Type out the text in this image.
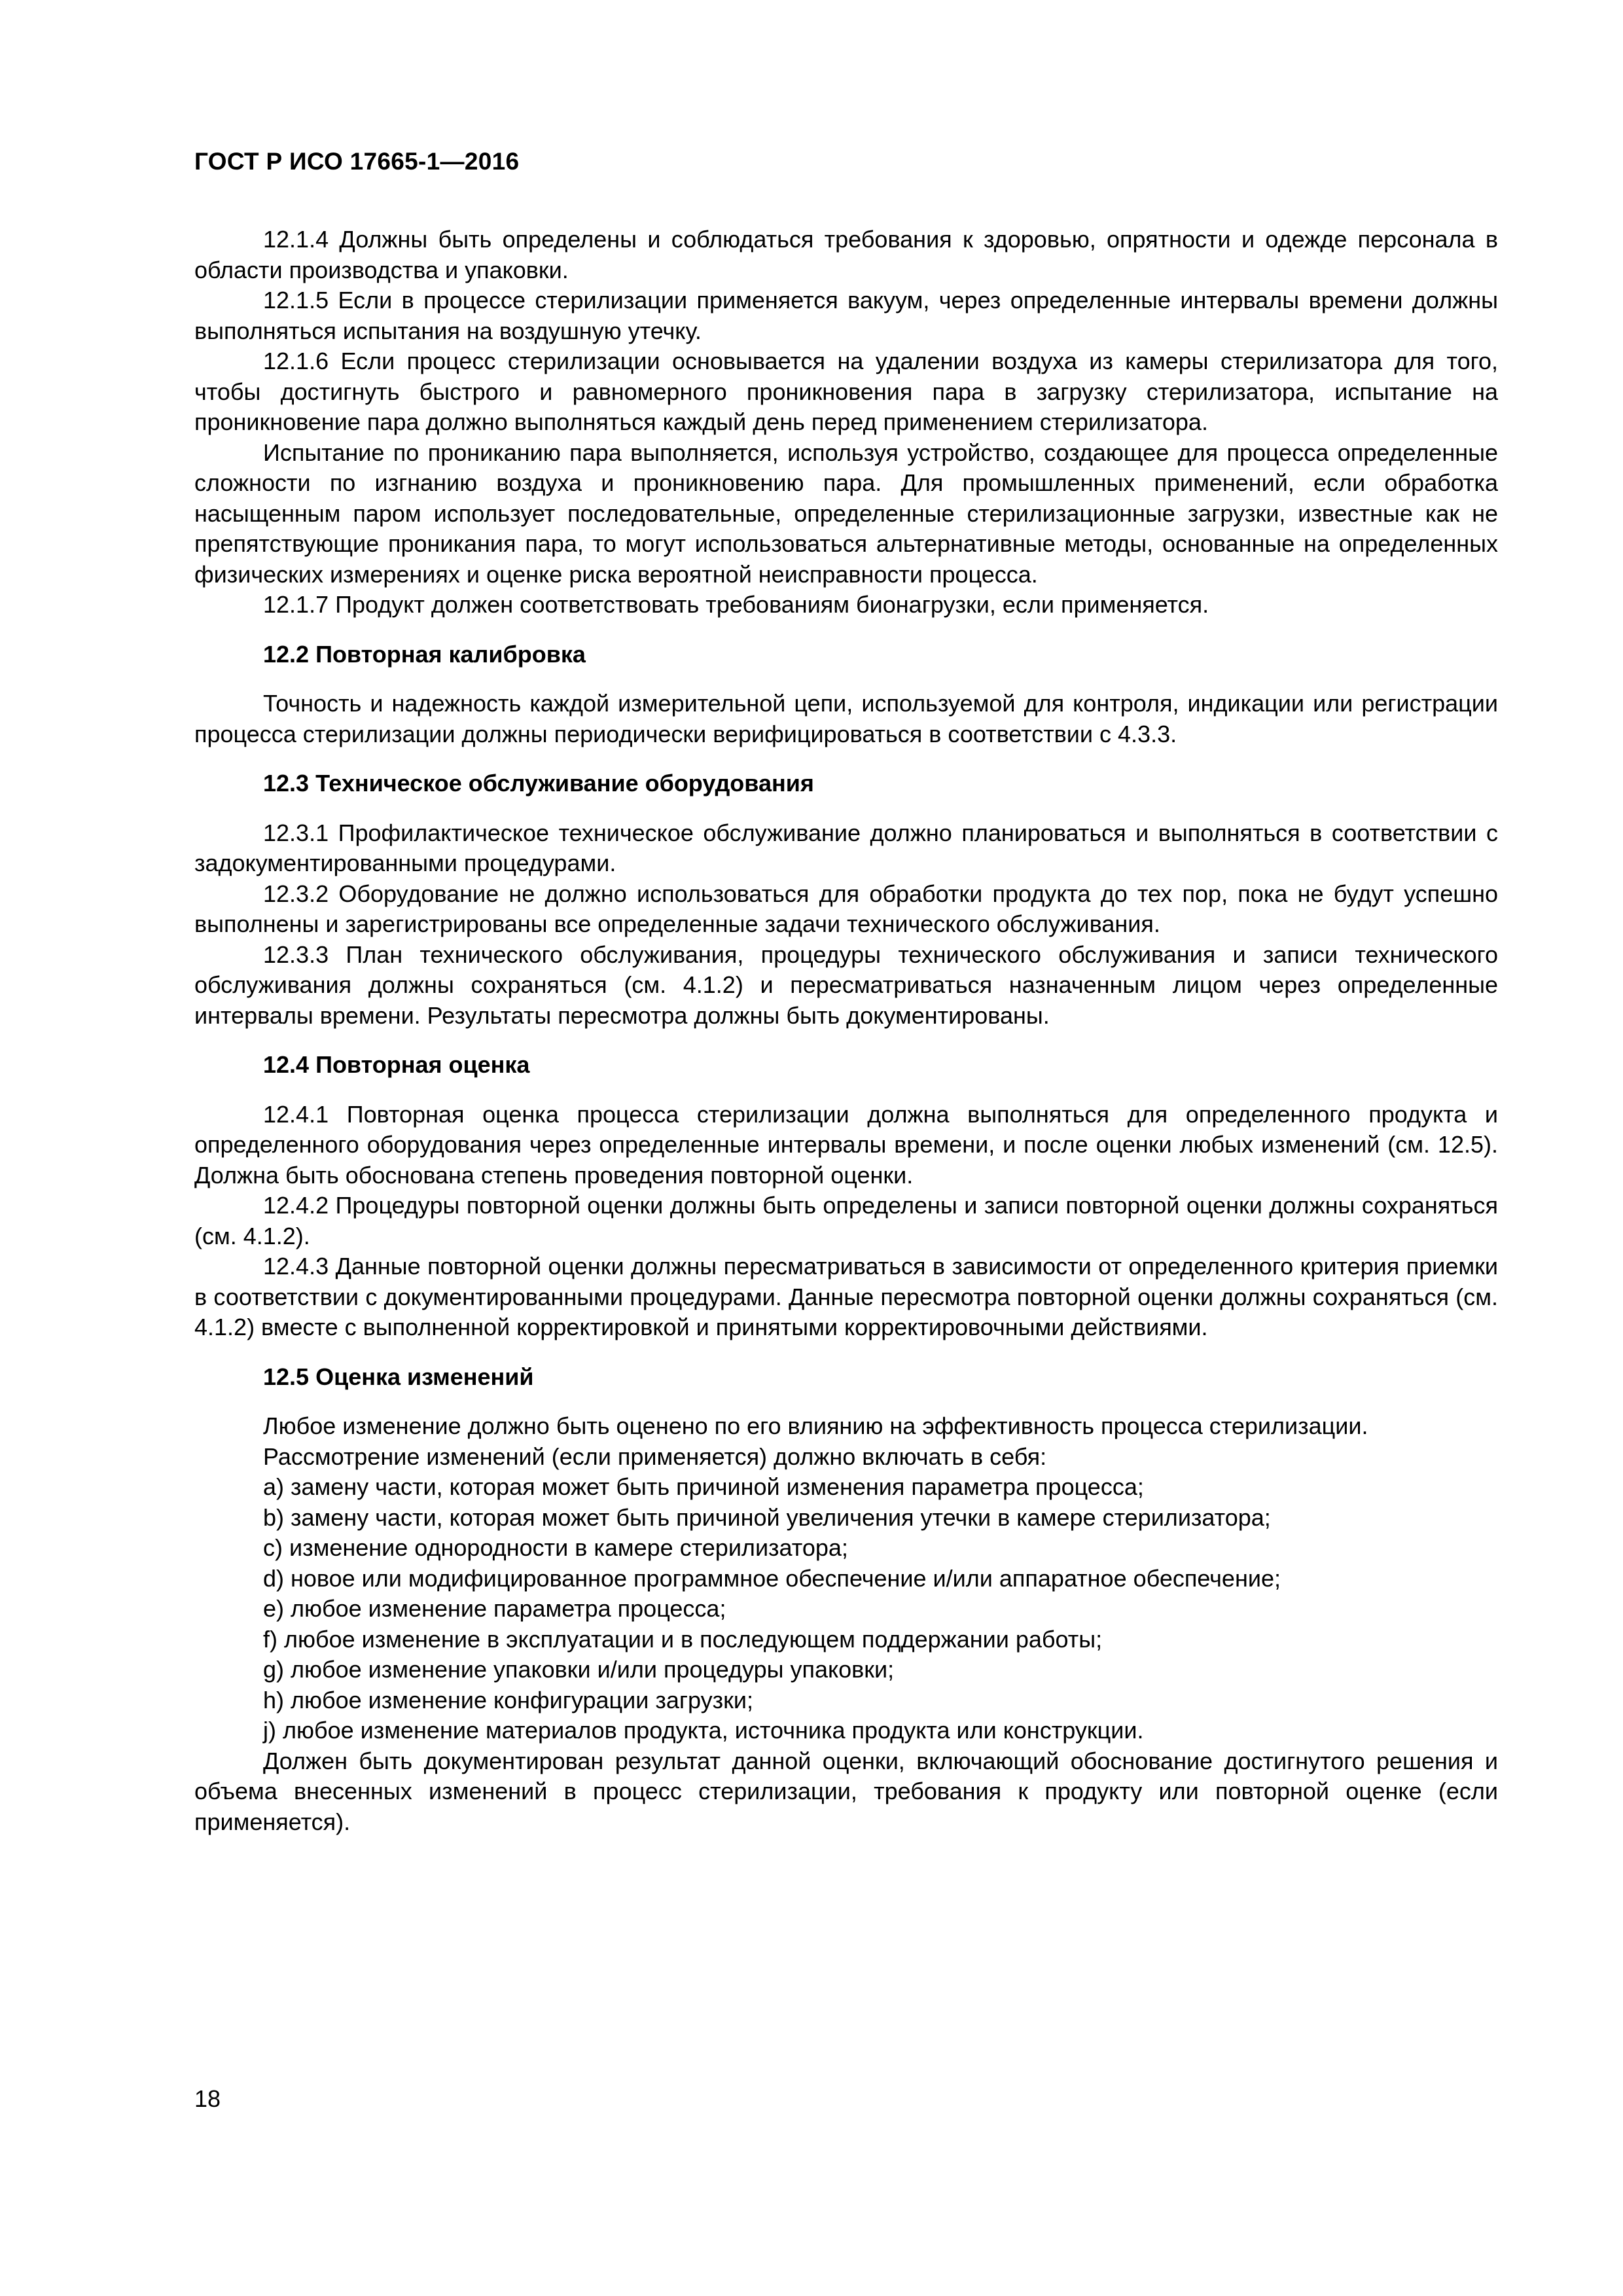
ГОСТ Р ИСО 17665-1—2016

12.1.4 Должны быть определены и соблюдаться требования к здоровью, опрятности и одежде персонала в области производства и упаковки.

12.1.5 Если в процессе стерилизации применяется вакуум, через определенные интервалы времени должны выполняться испытания на воздушную утечку.

12.1.6 Если процесс стерилизации основывается на удалении воздуха из камеры стерилизатора для того, чтобы достигнуть быстрого и равномерного проникновения пара в загрузку стерилизатора, испытание на проникновение пара должно выполняться каждый день перед применением стерилизатора.

Испытание по прониканию пара выполняется, используя устройство, создающее для процесса определенные сложности по изгнанию воздуха и проникновению пара. Для промышленных применений, если обработка насыщенным паром использует последовательные, определенные стерилизационные загрузки, известные как не препятствующие проникания пара, то могут использоваться альтернативные методы, основанные на определенных физических измерениях и оценке риска вероятной неисправности процесса.

12.1.7 Продукт должен соответствовать требованиям бионагрузки, если применяется.

12.2 Повторная калибровка

Точность и надежность каждой измерительной цепи, используемой для контроля, индикации или регистрации процесса стерилизации должны периодически верифицироваться в соответствии с 4.3.3.

12.3 Техническое обслуживание оборудования

12.3.1 Профилактическое техническое обслуживание должно планироваться и выполняться в соответствии с задокументированными процедурами.

12.3.2 Оборудование не должно использоваться для обработки продукта до тех пор, пока не будут успешно выполнены и зарегистрированы все определенные задачи технического обслуживания.

12.3.3 План технического обслуживания, процедуры технического обслуживания и записи технического обслуживания должны сохраняться (см. 4.1.2) и пересматриваться назначенным лицом через определенные интервалы времени. Результаты пересмотра должны быть документированы.

12.4 Повторная оценка

12.4.1 Повторная оценка процесса стерилизации должна выполняться для определенного продукта и определенного оборудования через определенные интервалы времени, и после оценки любых изменений (см. 12.5). Должна быть обоснована степень проведения повторной оценки.

12.4.2 Процедуры повторной оценки должны быть определены и записи повторной оценки должны сохраняться (см. 4.1.2).

12.4.3 Данные повторной оценки должны пересматриваться в зависимости от определенного критерия приемки в соответствии с документированными процедурами. Данные пересмотра повторной оценки должны сохраняться (см. 4.1.2) вместе с выполненной корректировкой и принятыми корректировочными действиями.

12.5 Оценка изменений

Любое изменение должно быть оценено по его влиянию на эффективность процесса стерилизации.

Рассмотрение изменений (если применяется) должно включать в себя:

a) замену части, которая может быть причиной изменения параметра процесса;

b) замену части, которая может быть причиной увеличения утечки в камере стерилизатора;

c) изменение однородности в камере стерилизатора;

d) новое или модифицированное программное обеспечение и/или аппаратное обеспечение;

e) любое изменение параметра процесса;

f) любое изменение в эксплуатации и в последующем поддержании работы;

g) любое изменение упаковки и/или процедуры упаковки;

h) любое изменение конфигурации загрузки;

j) любое изменение материалов продукта, источника продукта или конструкции.

Должен быть документирован результат данной оценки, включающий обоснование достигнутого решения и объема внесенных изменений в процесс стерилизации, требования к продукту или повторной оценке (если применяется).

18
